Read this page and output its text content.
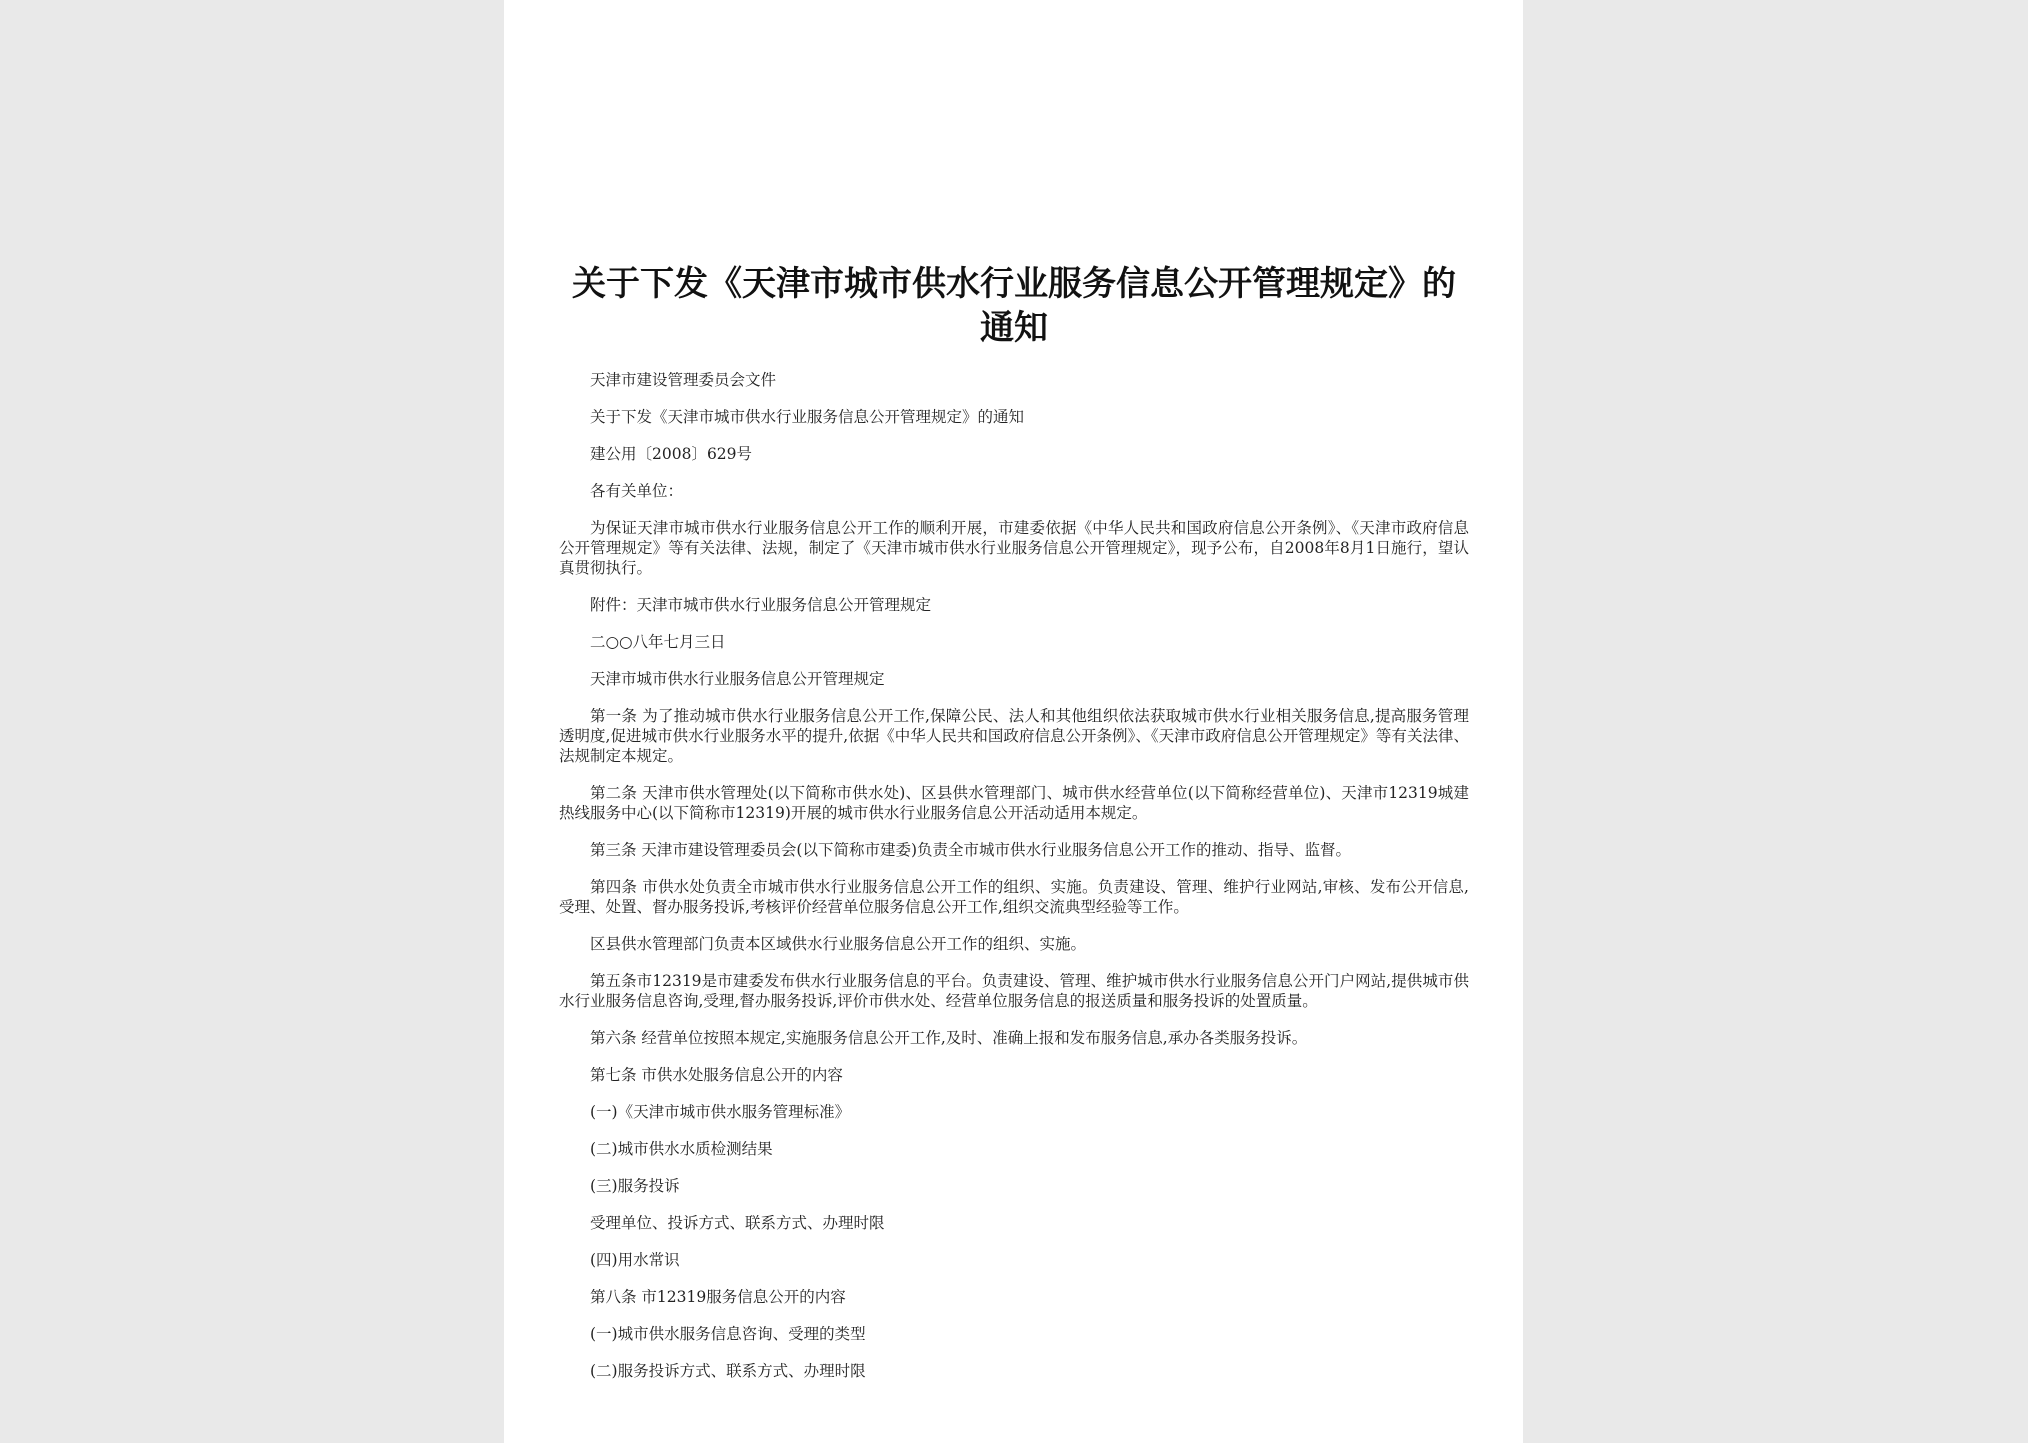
关于下发《天津市城市供水行业服务信息公开管理规定》的通知

天津市建设管理委员会文件

关于下发《天津市城市供水行业服务信息公开管理规定》的通知

建公用〔2008〕629号

各有关单位：

为保证天津市城市供水行业服务信息公开工作的顺利开展，市建委依据《中华人民共和国政府信息公开条例》、《天津市政府信息公开管理规定》等有关法律、法规，制定了《天津市城市供水行业服务信息公开管理规定》，现予公布，自2008年8月1日施行，望认真贯彻执行。

附件：天津市城市供水行业服务信息公开管理规定

二○○八年七月三日

天津市城市供水行业服务信息公开管理规定

第一条 为了推动城市供水行业服务信息公开工作,保障公民、法人和其他组织依法获取城市供水行业相关服务信息,提高服务管理透明度,促进城市供水行业服务水平的提升,依据《中华人民共和国政府信息公开条例》、《天津市政府信息公开管理规定》等有关法律、法规制定本规定。

第二条 天津市供水管理处(以下简称市供水处)、区县供水管理部门、城市供水经营单位(以下简称经营单位)、天津市12319城建热线服务中心(以下简称市12319)开展的城市供水行业服务信息公开活动适用本规定。

第三条 天津市建设管理委员会(以下简称市建委)负责全市城市供水行业服务信息公开工作的推动、指导、监督。

第四条 市供水处负责全市城市供水行业服务信息公开工作的组织、实施。负责建设、管理、维护行业网站,审核、发布公开信息,受理、处置、督办服务投诉,考核评价经营单位服务信息公开工作,组织交流典型经验等工作。

区县供水管理部门负责本区域供水行业服务信息公开工作的组织、实施。

第五条市12319是市建委发布供水行业服务信息的平台。负责建设、管理、维护城市供水行业服务信息公开门户网站,提供城市供水行业服务信息咨询,受理,督办服务投诉,评价市供水处、经营单位服务信息的报送质量和服务投诉的处置质量。

第六条 经营单位按照本规定,实施服务信息公开工作,及时、准确上报和发布服务信息,承办各类服务投诉。

第七条 市供水处服务信息公开的内容

(一)《天津市城市供水服务管理标准》

(二)城市供水水质检测结果

(三)服务投诉

受理单位、投诉方式、联系方式、办理时限

(四)用水常识

第八条 市12319服务信息公开的内容

(一)城市供水服务信息咨询、受理的类型

(二)服务投诉方式、联系方式、办理时限
